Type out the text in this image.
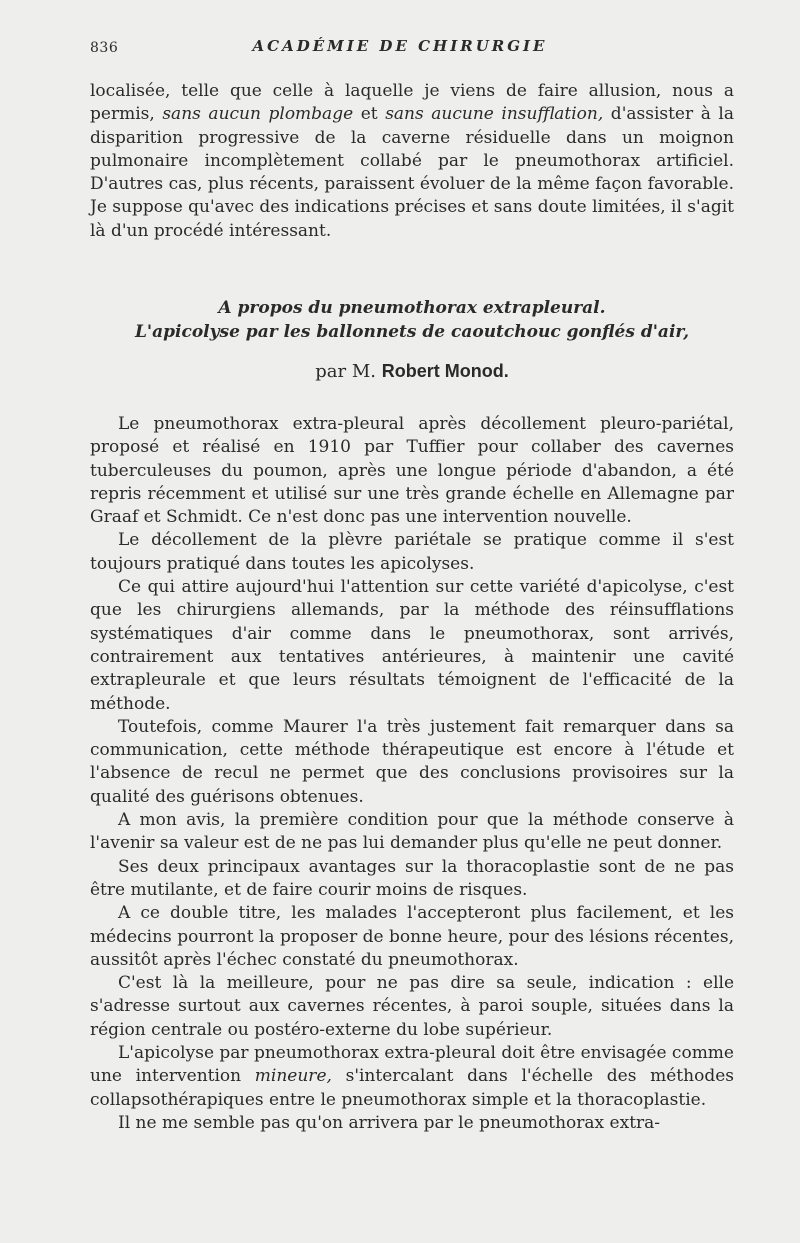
836	ACADÉMIE DE CHIRURGIE

localisée, telle que celle à laquelle je viens de faire allusion, nous a permis, sans aucun plombage et sans aucune insufflation, d'assister à la disparition progressive de la caverne résiduelle dans un moignon pulmonaire incomplètement collabé par le pneumothorax artificiel. D'autres cas, plus récents, paraissent évoluer de la même façon favorable. Je suppose qu'avec des indications précises et sans doute limitées, il s'agit là d'un procédé intéressant.

A propos du pneumothorax extrapleural.
L'apicolyse par les ballonnets de caoutchouc gonflés d'air,
par M. Robert Monod.

Le pneumothorax extra-pleural après décollement pleuro-pariétal, proposé et réalisé en 1910 par Tuffier pour collaber des cavernes tuberculeuses du poumon, après une longue période d'abandon, a été repris récemment et utilisé sur une très grande échelle en Allemagne par Graaf et Schmidt. Ce n'est donc pas une intervention nouvelle.

Le décollement de la plèvre pariétale se pratique comme il s'est toujours pratiqué dans toutes les apicolyses.

Ce qui attire aujourd'hui l'attention sur cette variété d'apicolyse, c'est que les chirurgiens allemands, par la méthode des réinsufflations systématiques d'air comme dans le pneumothorax, sont arrivés, contrairement aux tentatives antérieures, à maintenir une cavité extrapleurale et que leurs résultats témoignent de l'efficacité de la méthode.

Toutefois, comme Maurer l'a très justement fait remarquer dans sa communication, cette méthode thérapeutique est encore à l'étude et l'absence de recul ne permet que des conclusions provisoires sur la qualité des guérisons obtenues.

A mon avis, la première condition pour que la méthode conserve à l'avenir sa valeur est de ne pas lui demander plus qu'elle ne peut donner.

Ses deux principaux avantages sur la thoracoplastie sont de ne pas être mutilante, et de faire courir moins de risques.

A ce double titre, les malades l'accepteront plus facilement, et les médecins pourront la proposer de bonne heure, pour des lésions récentes, aussitôt après l'échec constaté du pneumothorax.

C'est là la meilleure, pour ne pas dire sa seule, indication : elle s'adresse surtout aux cavernes récentes, à paroi souple, situées dans la région centrale ou postéro-externe du lobe supérieur.

L'apicolyse par pneumothorax extra-pleural doit être envisagée comme une intervention mineure, s'intercalant dans l'échelle des méthodes collapsothérapiques entre le pneumothorax simple et la thoracoplastie.

Il ne me semble pas qu'on arrivera par le pneumothorax extra-
